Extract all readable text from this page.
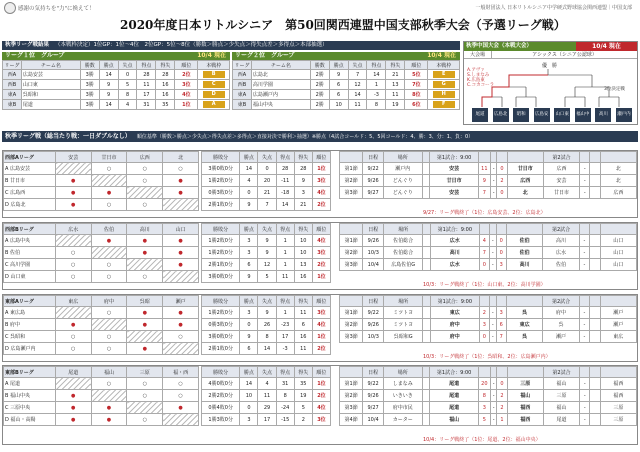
感謝の気持ちを"力"に換えて！	一般財団法人 日本リトルシニア中学硬式野球協会関西連盟｜中国支部
2020年度日本リトルシニア　第50回関西連盟中国支部秋季大会（予選リーグ戦）
秋季リーグ戦結果 （本戦枠決定）1位GP：1位〜4位　2位GP：5位〜8位（勝数＞勝点＞少失点＞得失点差＞多得点＞本部抽選）
リーグ１位　グループ	10/4 現在
リーグ	チーム名	勝数	勝点	失点	得点	得失	順位	本戦枠
西A	広島安芸	3勝	14	0	28	28	2位	B
西B	山口東	3勝	9	5	11	16	3位	C
東A	呉昭和	3勝	9	8	17	16	4位	D
東B	尾道	3勝	14	4	31	35	1位	A
リーグ２位　グループ	10/4 現在
リーグ	チーム名	勝数	勝点	失点	得点	得失	順位	本戦枠
西A	広島北	2勝	9	7	14	21	5位	E
西B	高川学園	2勝	6	12	1	13	7位	G
東A	広島瀬戸内	2勝	6	14	-3	11	8位	H
東B	福山中央	2勝	10	11	8	19	6位	F
秋季中国大会（本戦大会）	10/4 現在
大会場	アシックス（シニア公認球）
優　勝
A.アヴァ
S.しまなみ
K.広島東
C.コカコーラ
3位決定戦
尾道	広島北	昭和	広島安芸
山口東 福山中央
高川	瀬戸内
秋季リーグ戦（総当たり戦：一日ダブルなし） 順位基準（勝数＞勝点＞少失点＞得失点差＞多得点＞直接対決で勝利＞抽選）※勝点（4試合コールド：5、5回コールド：4、勝：3、分：1、負：0）
西部Aリーグ	安芸	廿日市	広西	北
A 広島安芸		○	○	○
B 廿日市	●		○	●
C 広島西	●	●		●
D 広島北	●	○	○	
勝敗分	勝点	失点	得点	得失	順位
3勝0敗0分	14	0	28	28	1位
1勝2敗0分	4	20	-11	9	3位
0勝3敗0分	0	21	-18	3	4位
2勝1敗0分	9	7	14	21	2位
	日程	場所		第1試合：9:00					第2試合			
第1節	9/22	瀬戸内		安芸	11	-	0	廿日市	広西	-		北
第2節	9/26	どんぐり		廿日市	9	-	2	広西	安芸	-		北
第3節	9/27	どんぐり		安芸	7	-	0	北	廿日市	-		広西
9/27：リーグ戦終了（1位：広島安芸、2位：広島北）
西部Bリーグ	広水	佐伯	高川	山口
A 広島中央		●	●	●
B 佐伯	○		●	●
C 高川学園	○	○		●
D 山口東	○	○	○	
勝敗分	勝点	失点	得点	得失	順位
1勝2敗0分	3	9	1	10	4位
1勝2敗0分	3	9	1	10	3位
2勝1敗0分	6	12	1	13	2位
3勝0敗0分	9	5	11	16	1位
	日程	場所		第1試合：9:00					第2試合			
第1節	9/26	佐伯総合		広水	4	-	0	佐伯	高川	-		山口
第2節	10/3	佐伯総合		高川	7	-	0	佐伯	広水	-		山口
第3節	10/4	広島佐伯G		広水	0	-	3	高川	佐伯	-		山口
10/3：リーグ戦終了（1位：山口東、2位：高川学園）
東部Aリーグ	東広	府中	呉昭	瀬戸
A 東広島		○	●	●
B 府中	●		●	●
C 呉昭和	○	○		○
D 広島瀬戸内	○	○	●	
勝敗分	勝点	失点	得点	得失	順位
1勝2敗0分	3	9	1	11	3位
0勝3敗0分	0	26	-23	6	4位
3勝0敗0分	9	8	17	16	1位
2勝1敗0分	6	14	-3	11	2位
	日程	場所		第1試合：9:00					第2試合			
第1節	9/22	ミツトヨ		東広	2	-	3	呉	府中	-		瀬戸
第2節	9/26	ミツトヨ		府中	3	-	6	東広	呉	-		瀬戸
第3節	10/3	呉昭和G		府中	0	-	7	呉	瀬戸	-		東広
10/3：リーグ戦終了（1位：呉昭和、2位：広島瀬戸内）
東部Bリーグ	尾道	福山	三原	福・西
A 尾道		○	○	○
B 福山中央	●		○	○
C 三原中央	●	●		●
D 福山・高陽	●	●	○	
勝敗分	勝点	失点	得点	得失	順位
4勝0敗0分	14	4	31	35	1位
2勝2敗0分	10	11	8	19	2位
0勝4敗0分	0	29	-24	5	4位
1勝3敗0分	3	17	-15	2	3位
	日程	場所		第1試合：9:00					第2試合			
第1節	9/22	しまなみ		尾道	20	-	0	三原	福山	-		福西
第2節	9/26	いきいき		尾道	8	-	2	福山	三原	-		福西
第3節	9/27	府中市民		尾道	3	-	2	福西	福山	-		三原
第4節	10/4	カーター		福山	5	-	1	福西	尾道	-		三原
10/4：リーグ戦終了（1位：尾道、2位：福山中央）
